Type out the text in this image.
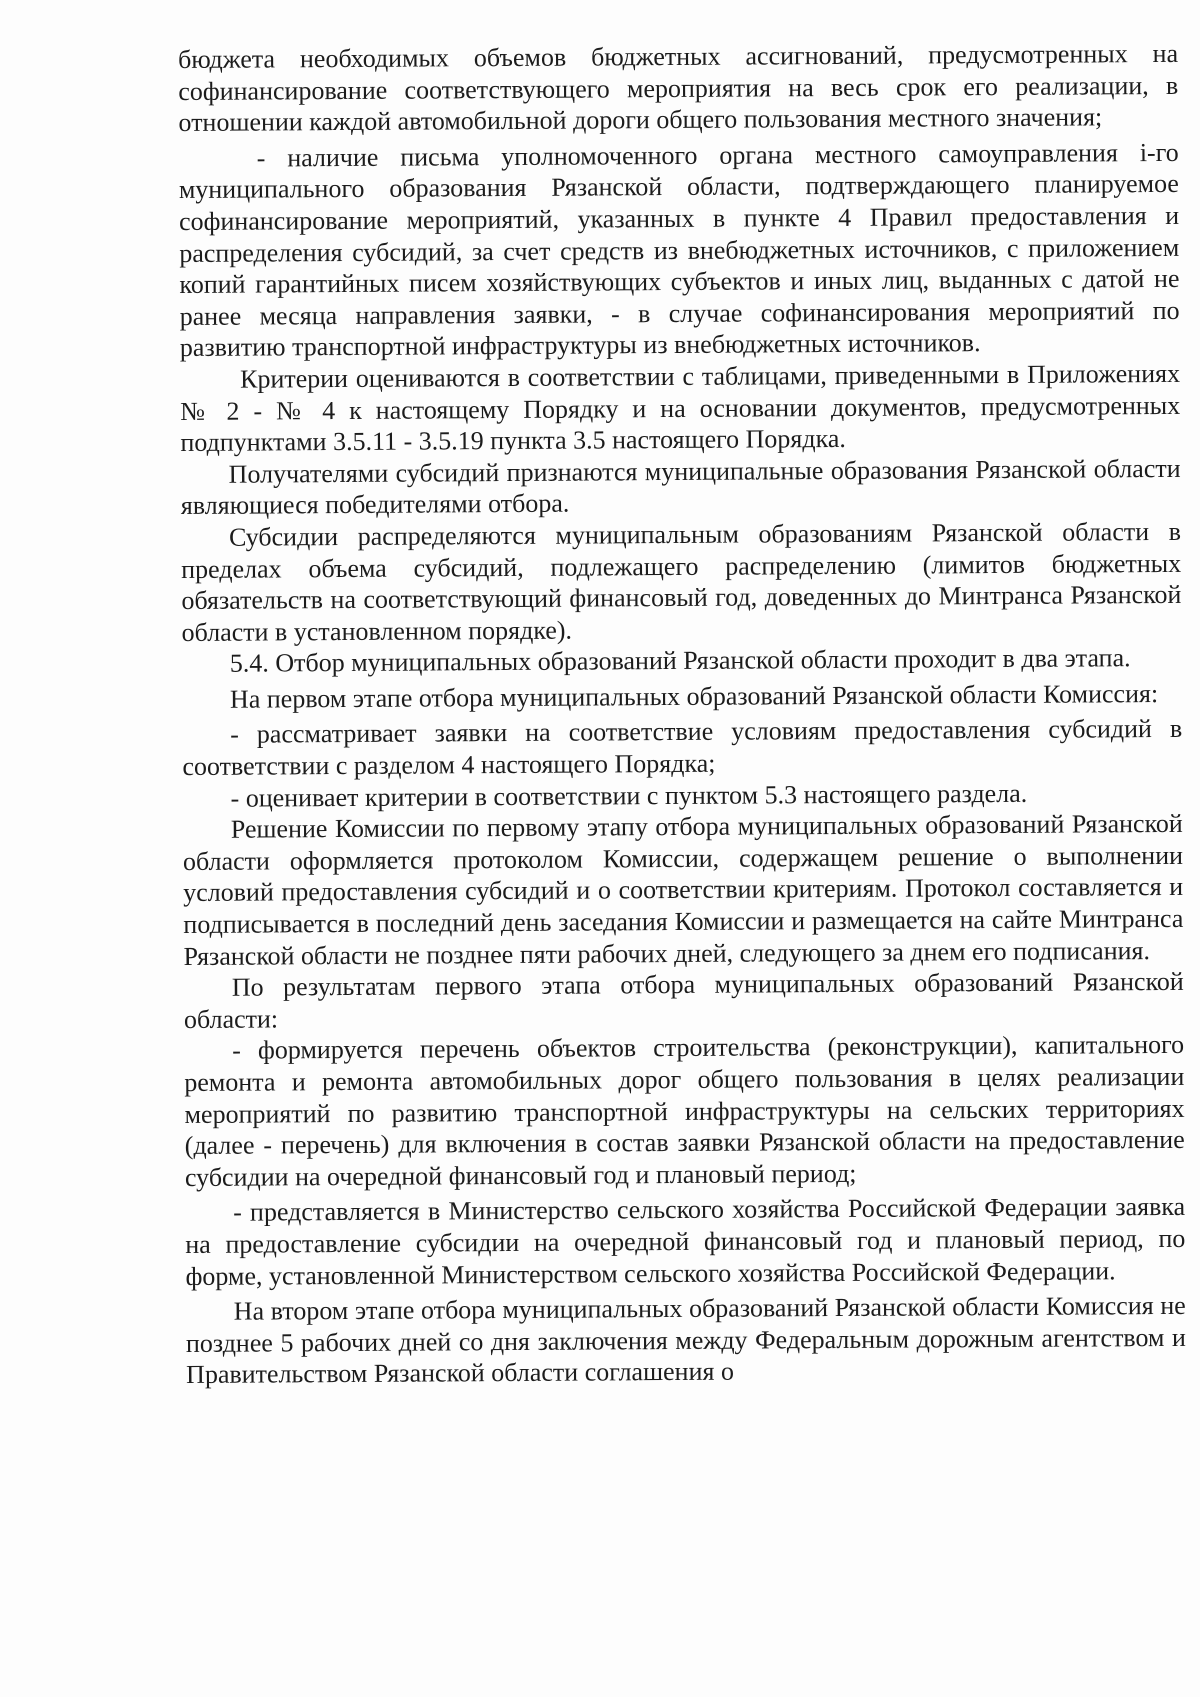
бюджета необходимых объемов бюджетных ассигнований, предусмотренных на софинансирование соответствующего мероприятия на весь срок его реализации, в отношении каждой автомобильной дороги общего пользования местного значения;

- наличие письма уполномоченного органа местного самоуправления i-го муниципального образования Рязанской области, подтверждающего планируемое софинансирование мероприятий, указанных в пункте 4 Правил предоставления и распределения субсидий, за счет средств из внебюджетных источников, с приложением копий гарантийных писем хозяйствующих субъектов и иных лиц, выданных с датой не ранее месяца направления заявки, - в случае софинансирования мероприятий по развитию транспортной инфраструктуры из внебюджетных источников.

Критерии оцениваются в соответствии с таблицами, приведенными в Приложениях № 2 - № 4 к настоящему Порядку и на основании документов, предусмотренных подпунктами 3.5.11 - 3.5.19 пункта 3.5 настоящего Порядка.

Получателями субсидий признаются муниципальные образования Рязанской области являющиеся победителями отбора.

Субсидии распределяются муниципальным образованиям Рязанской области в пределах объема субсидий, подлежащего распределению (лимитов бюджетных обязательств на соответствующий финансовый год, доведенных до Минтранса Рязанской области в установленном порядке).

5.4. Отбор муниципальных образований Рязанской области проходит в два этапа.

На первом этапе отбора муниципальных образований Рязанской области Комиссия:

- рассматривает заявки на соответствие условиям предоставления субсидий в соответствии с разделом 4 настоящего Порядка;

- оценивает критерии в соответствии с пунктом 5.3 настоящего раздела.

Решение Комиссии по первому этапу отбора муниципальных образований Рязанской области оформляется протоколом Комиссии, содержащем решение о выполнении условий предоставления субсидий и о соответствии критериям. Протокол составляется и подписывается в последний день заседания Комиссии и размещается на сайте Минтранса Рязанской области не позднее пяти рабочих дней, следующего за днем его подписания.

По результатам первого этапа отбора муниципальных образований Рязанской области:

- формируется перечень объектов строительства (реконструкции), капитального ремонта и ремонта автомобильных дорог общего пользования в целях реализации мероприятий по развитию транспортной инфраструктуры на сельских территориях (далее - перечень) для включения в состав заявки Рязанской области на предоставление субсидии на очередной финансовый год и плановый период;

- представляется в Министерство сельского хозяйства Российской Федерации заявка на предоставление субсидии на очередной финансовый год и плановый период, по форме, установленной Министерством сельского хозяйства Российской Федерации.

На втором этапе отбора муниципальных образований Рязанской области Комиссия не позднее 5 рабочих дней со дня заключения между Федеральным дорожным агентством и Правительством Рязанской области соглашения о
